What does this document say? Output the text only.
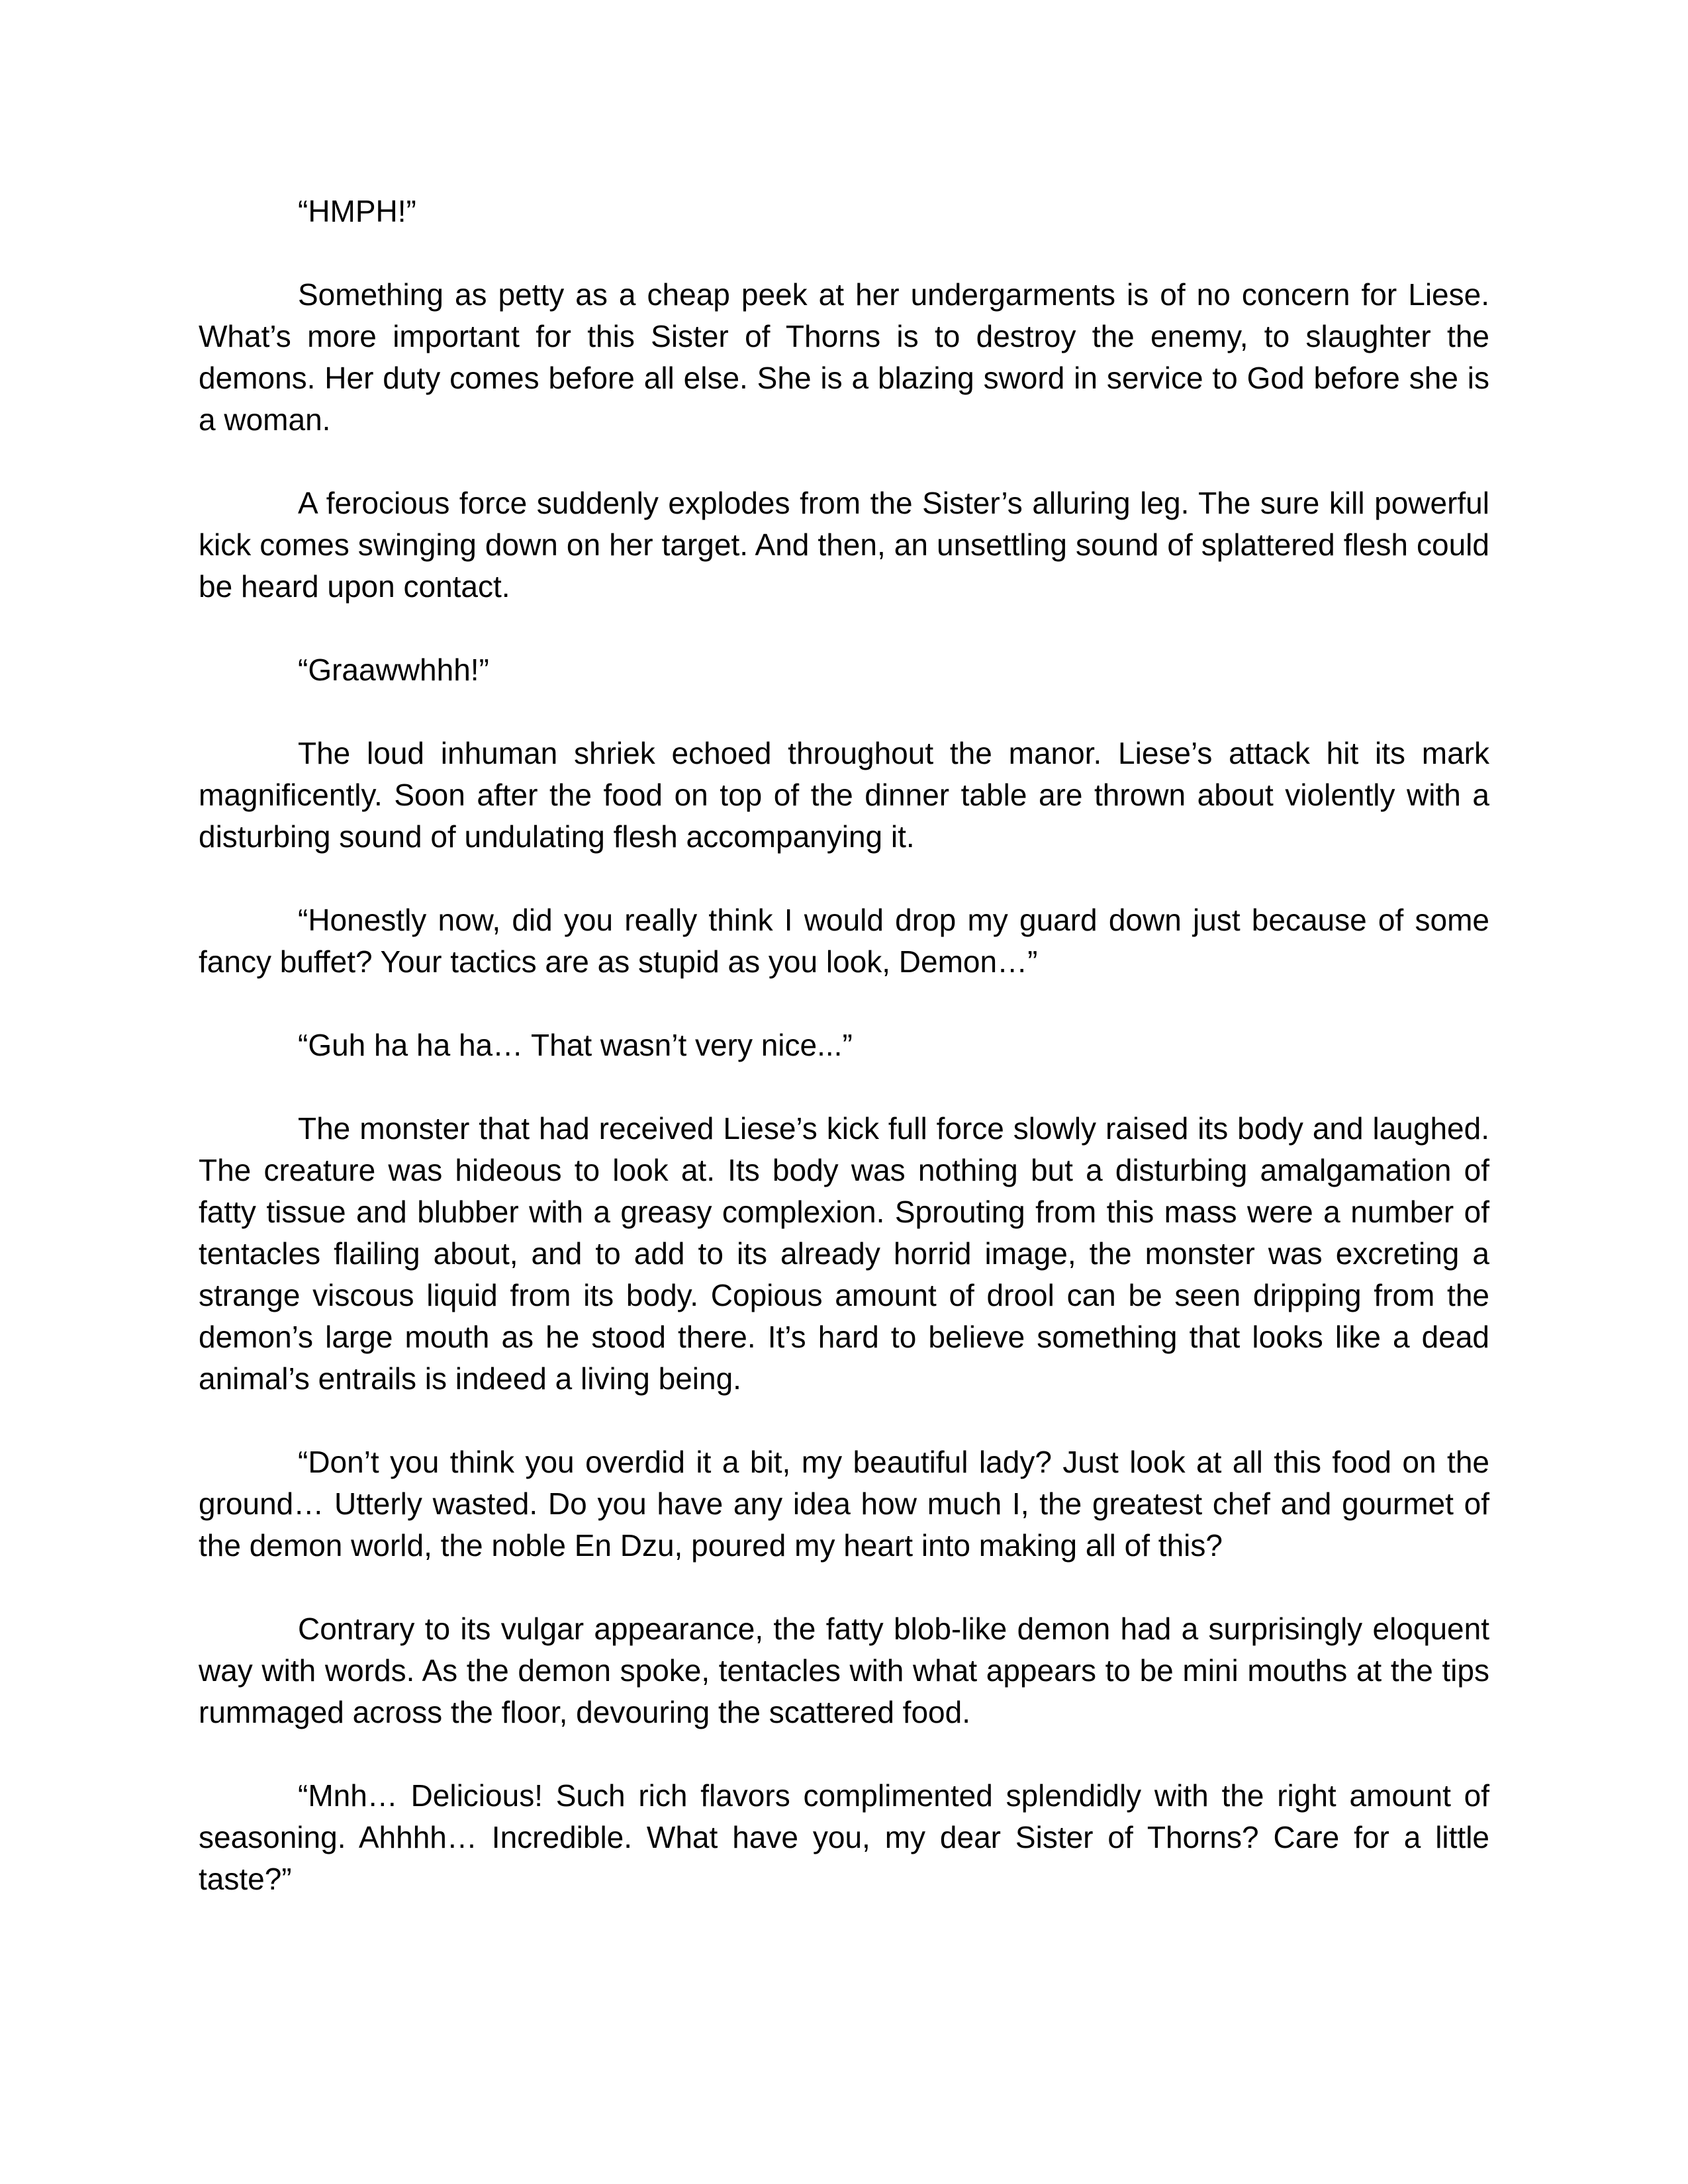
“HMPH!”

Something as petty as a cheap peek at her undergarments is of no concern for Liese. What’s more important for this Sister of Thorns is to destroy the enemy, to slaughter the demons. Her duty comes before all else. She is a blazing sword in service to God before she is a woman.

A ferocious force suddenly explodes from the Sister’s alluring leg. The sure kill powerful kick comes swinging down on her target. And then, an unsettling sound of splattered flesh could be heard upon contact.

“Graawwhhh!”

The loud inhuman shriek echoed throughout the manor. Liese’s attack hit its mark magnificently. Soon after the food on top of the dinner table are thrown about violently with a disturbing sound of undulating flesh accompanying it.

“Honestly now, did you really think I would drop my guard down just because of some fancy buffet? Your tactics are as stupid as you look, Demon…”

“Guh ha ha ha… That wasn’t very nice...”

The monster that had received Liese’s kick full force slowly raised its body and laughed. The creature was hideous to look at. Its body was nothing but a disturbing amalgamation of fatty tissue and blubber with a greasy complexion. Sprouting from this mass were a number of tentacles flailing about, and to add to its already horrid image, the monster was excreting a strange viscous liquid from its body. Copious amount of drool can be seen dripping from the demon’s large mouth as he stood there. It’s hard to believe something that looks like a dead animal’s entrails is indeed a living being.

“Don’t you think you overdid it a bit, my beautiful lady? Just look at all this food on the ground… Utterly wasted. Do you have any idea how much I, the greatest chef and gourmet of the demon world, the noble En Dzu, poured my heart into making all of this?

Contrary to its vulgar appearance, the fatty blob-like demon had a surprisingly eloquent way with words. As the demon spoke, tentacles with what appears to be mini mouths at the tips rummaged across the floor, devouring the scattered food.

“Mnh… Delicious! Such rich flavors complimented splendidly with the right amount of seasoning. Ahhhh… Incredible. What have you, my dear Sister of Thorns? Care for a little taste?”
